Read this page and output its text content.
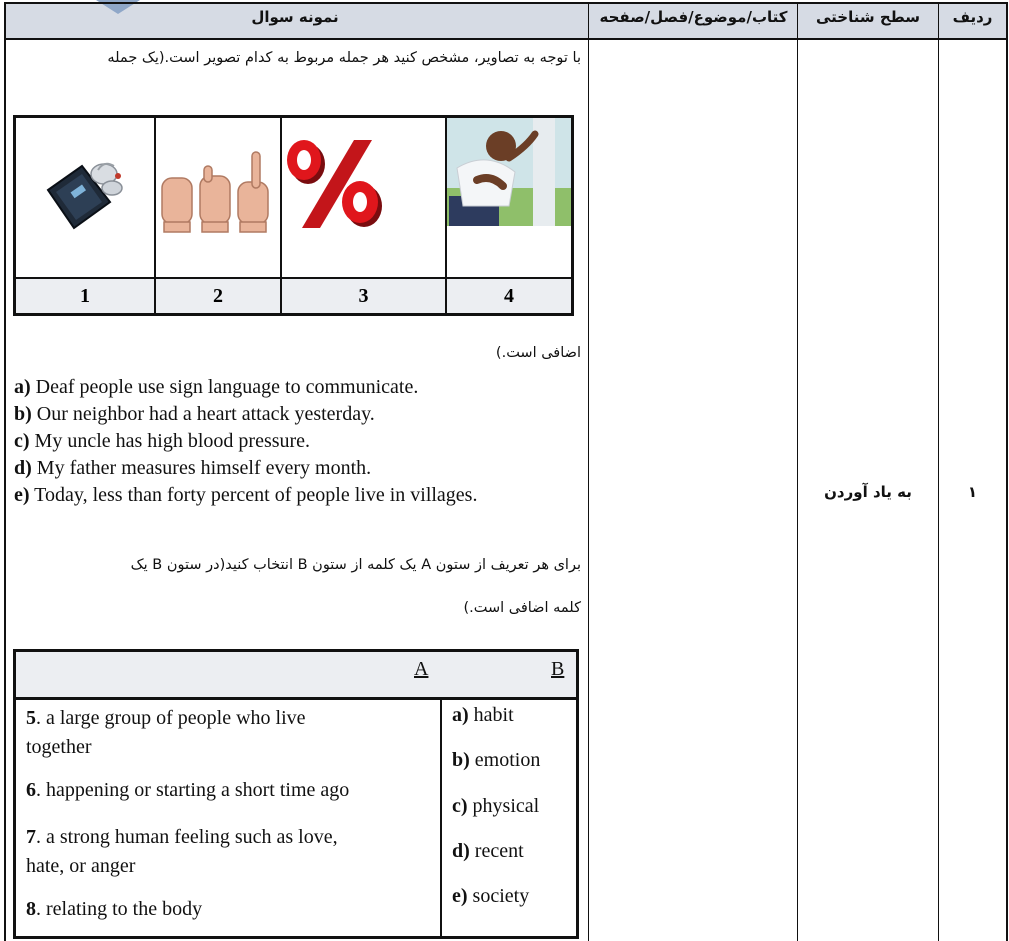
نمونه سوال	کتاب/موضوع/فصل/صفحه	سطح شناختی	ردیف
به یاد آوردن	۱
با توجه به تصاویر، مشخص کنید هر جمله مربوط به کدام تصویر است.(یک جمله
1	2	3	4
اضافی است.)
a) Deaf people use sign language to communicate.
b) Our neighbor had a heart attack yesterday.
c) My uncle has high blood pressure.
d) My father measures himself every month.
e) Today, less than forty percent of people live in villages.
برای هر تعریف از ستون A یک کلمه از ستون B انتخاب کنید(در ستون B یک
کلمه اضافی است.)
A	B
5. a large group of people who live
together
6. happening or starting a short time ago
7. a strong human feeling such as love,
hate, or anger
8. relating to the body
a) habit
b) emotion
c) physical
d) recent
e) society
